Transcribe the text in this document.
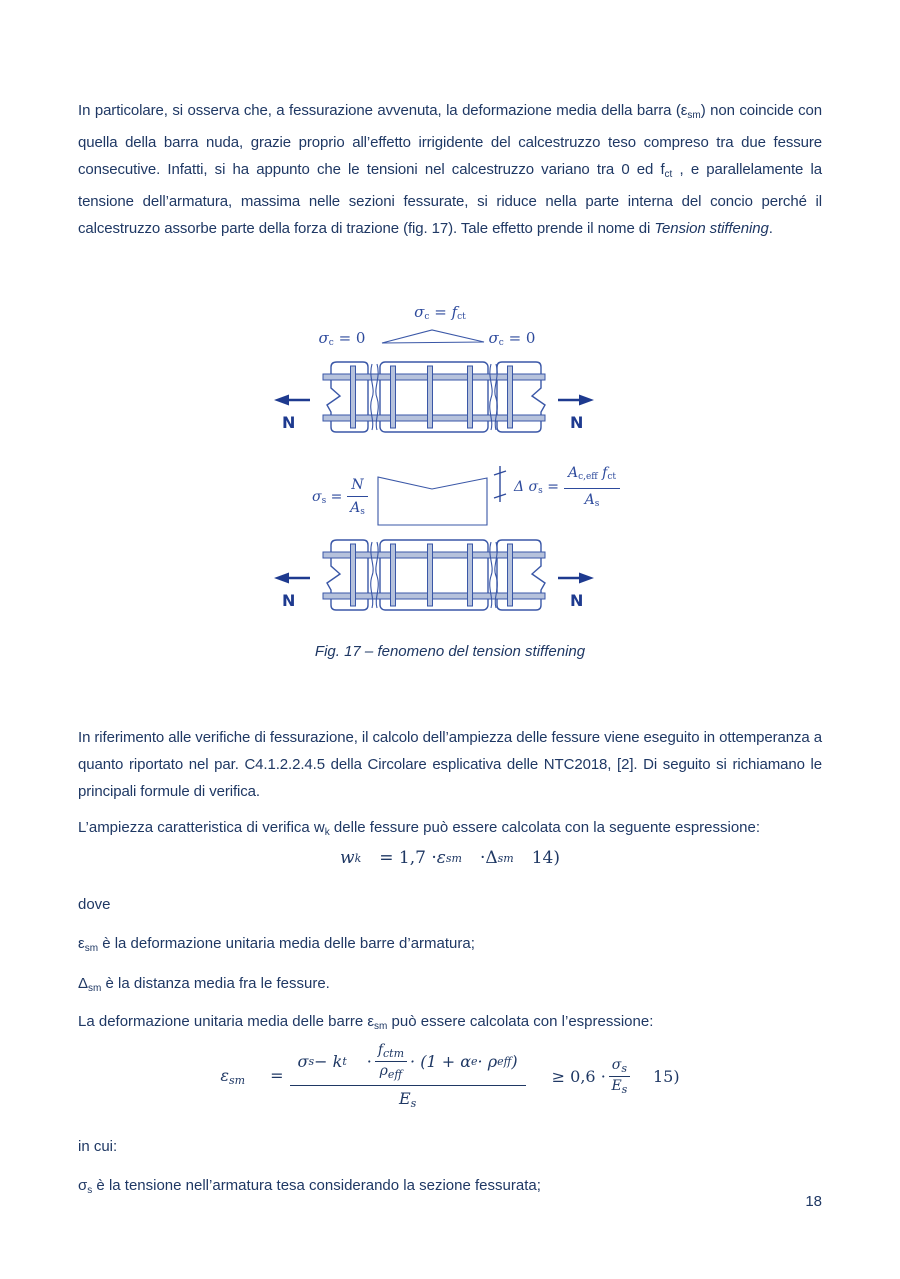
In particolare, si osserva che, a fessurazione avvenuta, la deformazione media della barra $(\varepsilon_{sm})$ non coincide con quella della barra nuda, grazie proprio all’effetto irrigidente del calcestruzzo teso compreso tra due fessure consecutive. Infatti, si ha appunto che le tensioni nel calcestruzzo variano tra 0 ed $f_{ct}$ , e parallelamente la tensione dell’armatura, massima nelle sezioni fessurate, si riduce nella parte interna del concio perché il calcestruzzo assorbe parte della forza di trazione (fig. 17). Tale effetto prende il nome di Tension stiffening.

$\sigma_c = f_{ct}$
$\sigma_c = 0$	$\sigma_c = 0$
$\sigma_s = \frac{N}{A_s}$	Δ $\sigma_s = \frac{A_{c,eff} f_{ct}}{A_s}$

Fig. 17 – fenomeno del tension stiffening

In riferimento alle verifiche di fessurazione, il calcolo dell’ampiezza delle fessure viene eseguito in ottemperanza a quanto riportato nel par. C4.1.2.2.4.5 della Circolare esplicativa delle NTC2018, [2]. Di seguito si richiamano le principali formule di verifica.

L’ampiezza caratteristica di verifica $w_k$ delle fessure può essere calcolata con la seguente espressione:

w k = 1,7 · ε sm · Δ sm 14)

dove

$\varepsilon_{sm}$ è la deformazione unitaria media delle barre d’armatura;

$\Delta_{sm}$ è la distanza media fra le fessure.

La deformazione unitaria media delle barre $\varepsilon_{sm}$ può essere calcolata con l’espressione:

$\varepsilon_{sm}$ =
σ s − k t ·
$f_{ctm}$
$\rho_{eff}$
· (1 + α e · ρ eff )
$E_s$
≥ 0,6 ·
$\sigma_s$
$E_s$
15)

in cui:

$\sigma_s$ è la tensione nell’armatura tesa considerando la sezione fessurata;

18
